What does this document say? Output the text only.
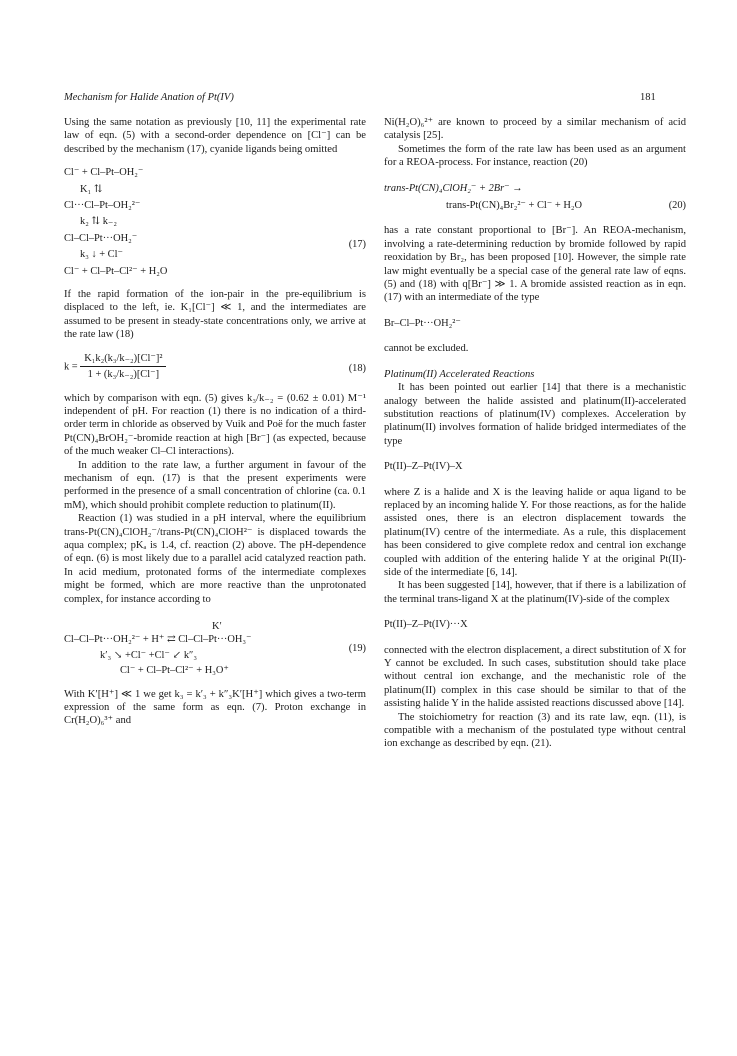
Mechanism for Halide Anation of Pt(IV)	181

Using the same notation as previously [10, 11] the experimental rate law of eqn. (5) with a second-order dependence on [Cl⁻] can be described by the mechanism (17), cyanide ligands being omitted

Cl⁻ + Cl–Pt–OH₂⁻
K₁ ⇅
Cl···Cl–Pt–OH₂²⁻
k₂ ⇅ k₋₂
(17)
Cl–Cl–Pt···OH₂⁻
k₃ ↓ + Cl⁻
Cl⁻ + Cl–Pt–Cl²⁻ + H₂O

If the rapid formation of the ion-pair in the pre-equilibrium is displaced to the left, ie. K₁[Cl⁻] ≪ 1, and the intermediates are assumed to be present in steady-state concentrations only, we arrive at the rate law (18)

$k = \frac{\text{K₁k₂(k₃/k₋₂)[Cl⁻]²}}{\text{1 + (k₃/k₋₂)[Cl⁻]}}$	(18)

which by comparison with eqn. (5) gives k₃/k₋₂ = (0.62 ± 0.01) M⁻¹ independent of pH. For reaction (1) there is no indication of a third-order term in chloride as observed by Vuik and Poë for the much faster Pt(CN)₄BrOH₂⁻-bromide reaction at high [Br⁻] (as expected, because of the much weaker Cl–Cl interactions).

In addition to the rate law, a further argument in favour of the mechanism of eqn. (17) is that the present experiments were performed in the presence of a small concentration of chlorine (ca. 0.1 mM), which should prohibit complete reduction to platinum(II).

Reaction (1) was studied in a pH interval, where the equilibrium trans-Pt(CN)₄ClOH₂⁻/trans-Pt(CN)₄ClOH²⁻ is displaced towards the aqua complex; pKₐ is 1.4, cf. reaction (2) above. The pH-dependence of eqn. (6) is most likely due to a parallel acid catalyzed reaction path. In acid medium, protonated forms of the intermediate complexes might be formed, which are more reactive than the unprotonated complex, for instance according to

K′
Cl–Cl–Pt···OH₂²⁻ + H⁺ ⇄ Cl–Cl–Pt···OH₃⁻
k′₃ ↘ +Cl⁻ +Cl⁻ ↙ k″₃
(19)
Cl⁻ + Cl–Pt–Cl²⁻ + H₃O⁺

With K′[H⁺] ≪ 1 we get k₃ = k′₃ + k″₃K′[H⁺] which gives a two-term expression of the same form as eqn. (7). Proton exchange in Cr(H₂O)₆³⁺ and

Ni(H₂O)₆²⁺ are known to proceed by a similar mechanism of acid catalysis [25].

Sometimes the form of the rate law has been used as an argument for a REOA-process. For instance, reaction (20)

trans-Pt(CN)₄ClOH₂⁻ + 2Br⁻ →
trans-Pt(CN)₄Br₂²⁻ + Cl⁻ + H₂O	(20)

has a rate constant proportional to [Br⁻]. An REOA-mechanism, involving a rate-determining reduction by bromide followed by rapid reoxidation by Br₂, has been proposed [10]. However, the simple rate law might eventually be a special case of the general rate law of eqns. (5) and (18) with q[Br⁻] ≫ 1. A bromide assisted reaction as in eqn. (17) with an intermediate of the type

Br–Cl–Pt···OH₂²⁻

cannot be excluded.

Platinum(II) Accelerated Reactions

It has been pointed out earlier [14] that there is a mechanistic analogy between the halide assisted and platinum(II)-accelerated substitution reactions of platinum(IV) complexes. Acceleration by platinum(II) involves formation of halide bridged intermediates of the type

Pt(II)–Z–Pt(IV)–X

where Z is a halide and X is the leaving halide or aqua ligand to be replaced by an incoming halide Y. For those reactions, as for the halide assisted ones, there is an electron displacement towards the platinum(IV) centre of the intermediate. As a rule, this displacement has been considered to give complete redox and central ion exchange coupled with addition of the entering halide Y at the original Pt(II)-side of the intermediate [6, 14].

It has been suggested [14], however, that if there is a labilization of the terminal trans-ligand X at the platinum(IV)-side of the complex

Pt(II)–Z–Pt(IV)···X

connected with the electron displacement, a direct substitution of X for Y cannot be excluded. In such cases, substitution should take place without central ion exchange, and the mechanistic role of the platinum(II) complex in this case should be similar to that of the assisting halide Y in the halide assisted reactions discussed above [14].

The stoichiometry for reaction (3) and its rate law, eqn. (11), is compatible with a mechanism of the postulated type without central ion exchange as described by eqn. (21).
